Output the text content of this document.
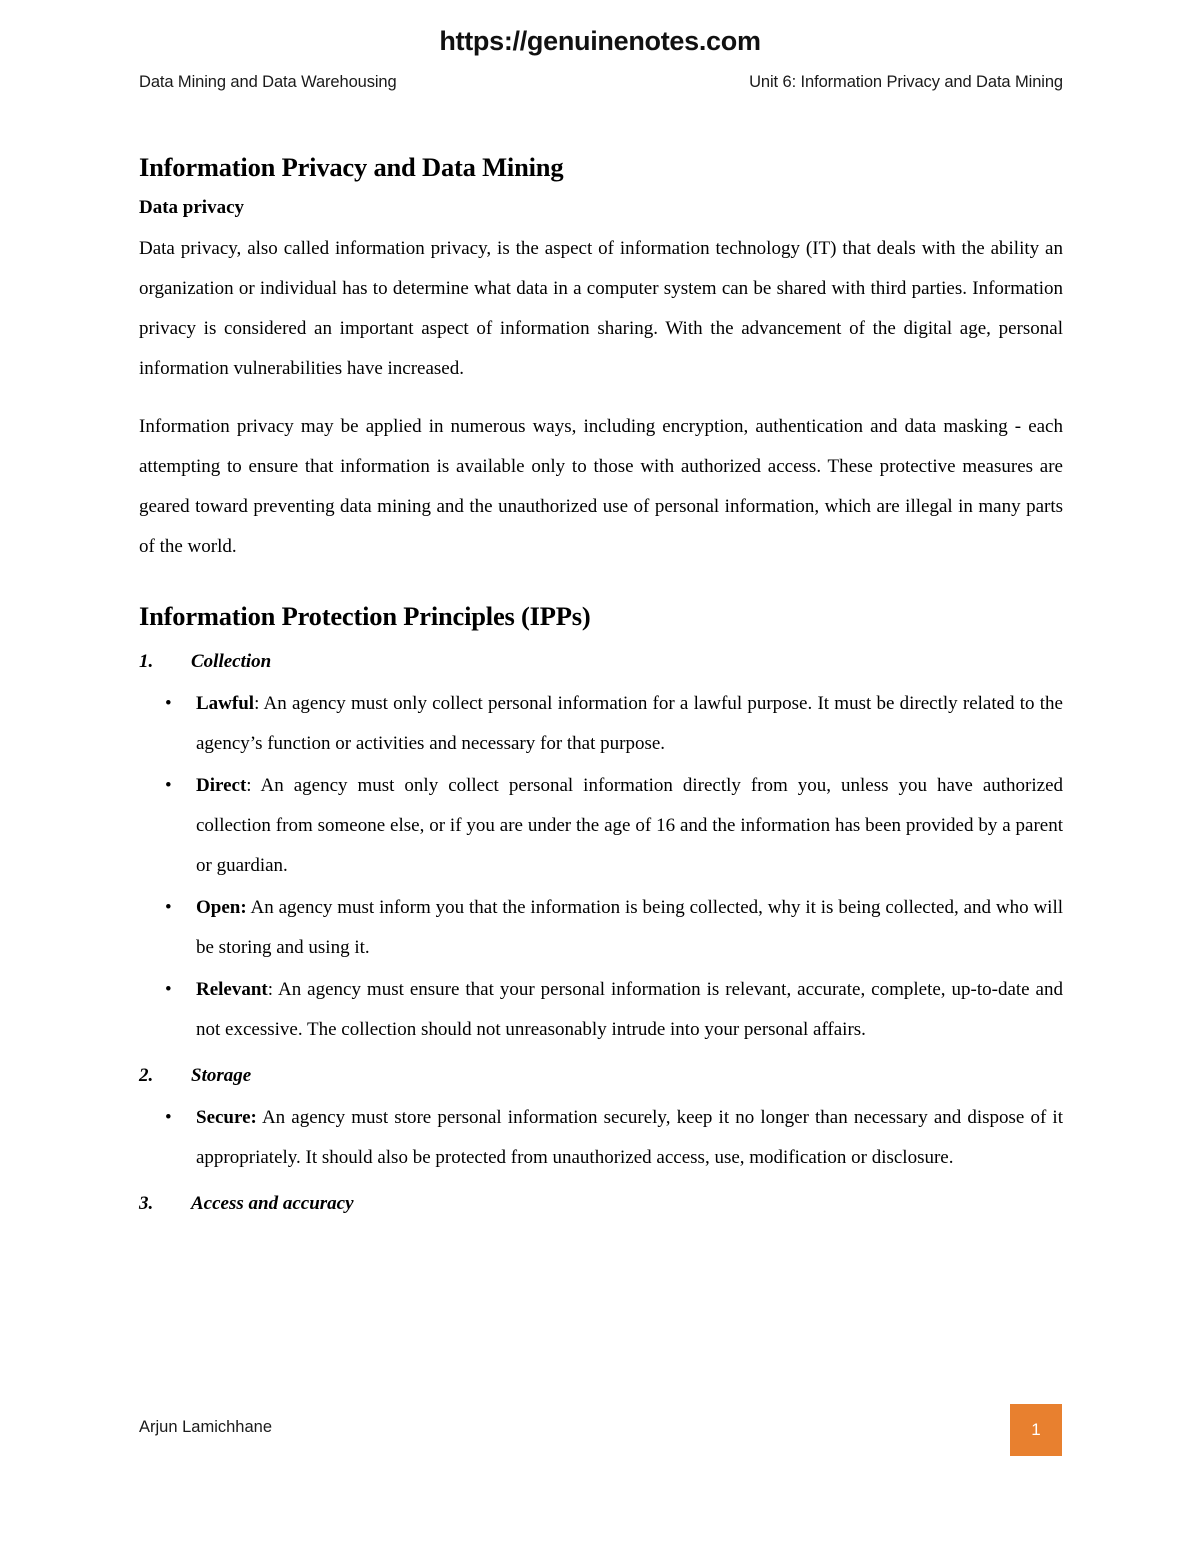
https://genuinenotes.com
Data Mining and Data Warehousing	Unit 6: Information Privacy and Data Mining
Information Privacy and Data Mining
Data privacy

Data privacy, also called information privacy, is the aspect of information technology (IT) that deals with the ability an organization or individual has to determine what data in a computer system can be shared with third parties. Information privacy is considered an important aspect of information sharing. With the advancement of the digital age, personal information vulnerabilities have increased.

Information privacy may be applied in numerous ways, including encryption, authentication and data masking - each attempting to ensure that information is available only to those with authorized access. These protective measures are geared toward preventing data mining and the unauthorized use of personal information, which are illegal in many parts of the world.

Information Protection Principles (IPPs)
1. Collection
• Lawful: An agency must only collect personal information for a lawful purpose. It must be directly related to the agency’s function or activities and necessary for that purpose.
• Direct: An agency must only collect personal information directly from you, unless you have authorized collection from someone else, or if you are under the age of 16 and the information has been provided by a parent or guardian.
• Open: An agency must inform you that the information is being collected, why it is being collected, and who will be storing and using it.
• Relevant: An agency must ensure that your personal information is relevant, accurate, complete, up-to-date and not excessive. The collection should not unreasonably intrude into your personal affairs.
2. Storage
• Secure: An agency must store personal information securely, keep it no longer than necessary and dispose of it appropriately. It should also be protected from unauthorized access, use, modification or disclosure.
3. Access and accuracy
Arjun Lamichhane	1
